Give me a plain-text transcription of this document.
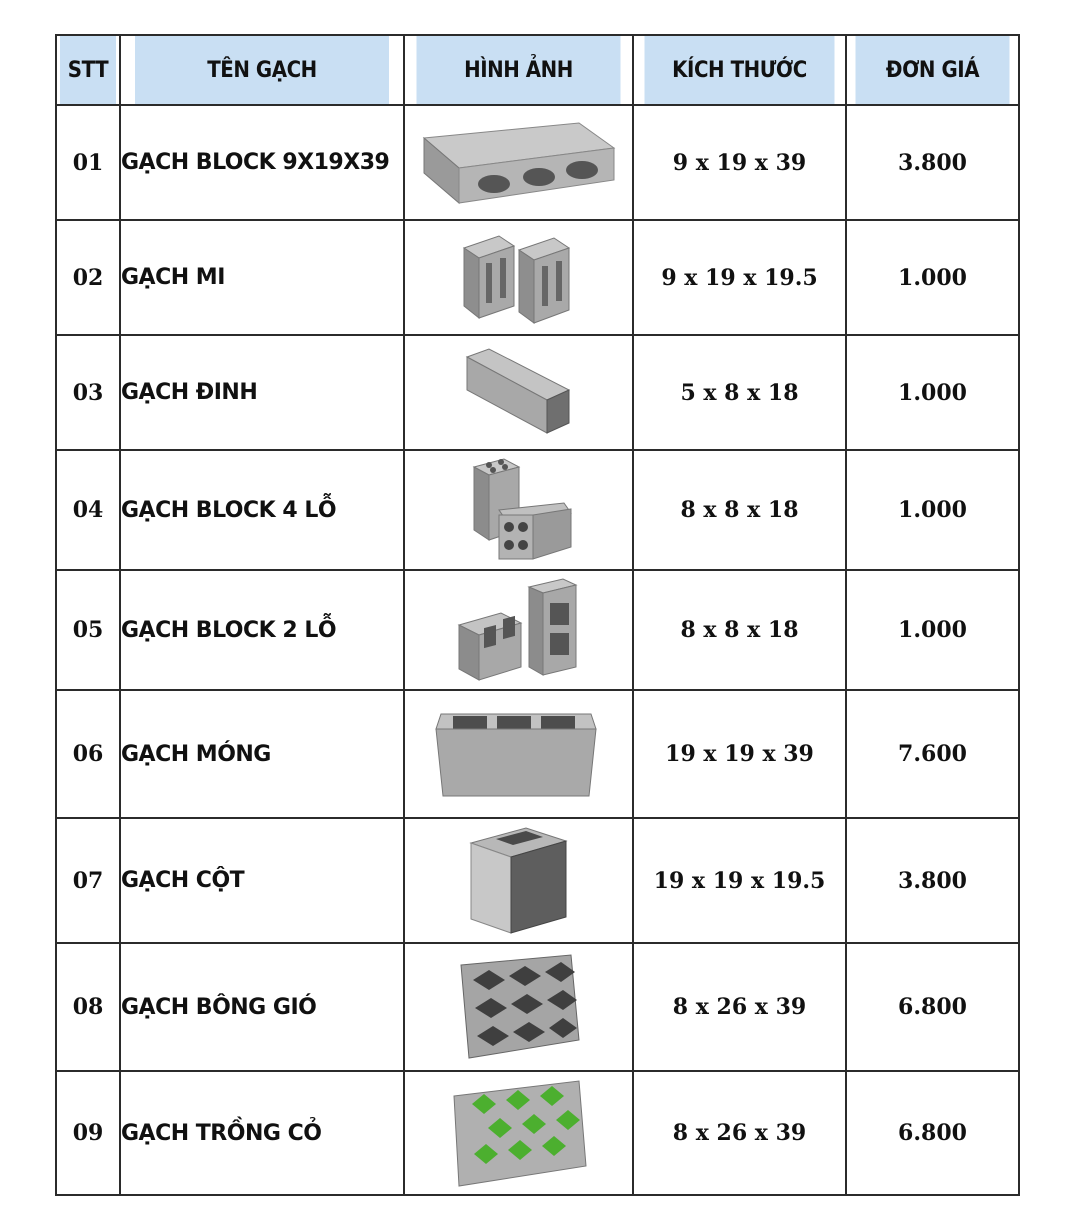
STT	TÊN GẠCH	HÌNH ẢNH	KÍCH THƯỚC	ĐƠN GIÁ
01	GẠCH BLOCK 9X19X39		9 x 19 x 39	3.800
02	GẠCH MI		9 x 19 x 19.5	1.000
03	GẠCH ĐINH		5 x 8 x 18	1.000
04	GẠCH BLOCK 4 LỖ		8 x 8 x 18	1.000
05	GẠCH BLOCK 2 LỖ		8 x 8 x 18	1.000
06	GẠCH MÓNG		19 x 19 x 39	7.600
07	GẠCH CỘT		19 x 19 x 19.5	3.800
08	GẠCH BÔNG GIÓ		8 x 26 x 39	6.800
09	GẠCH TRỒNG CỎ		8 x 26 x 39	6.800
